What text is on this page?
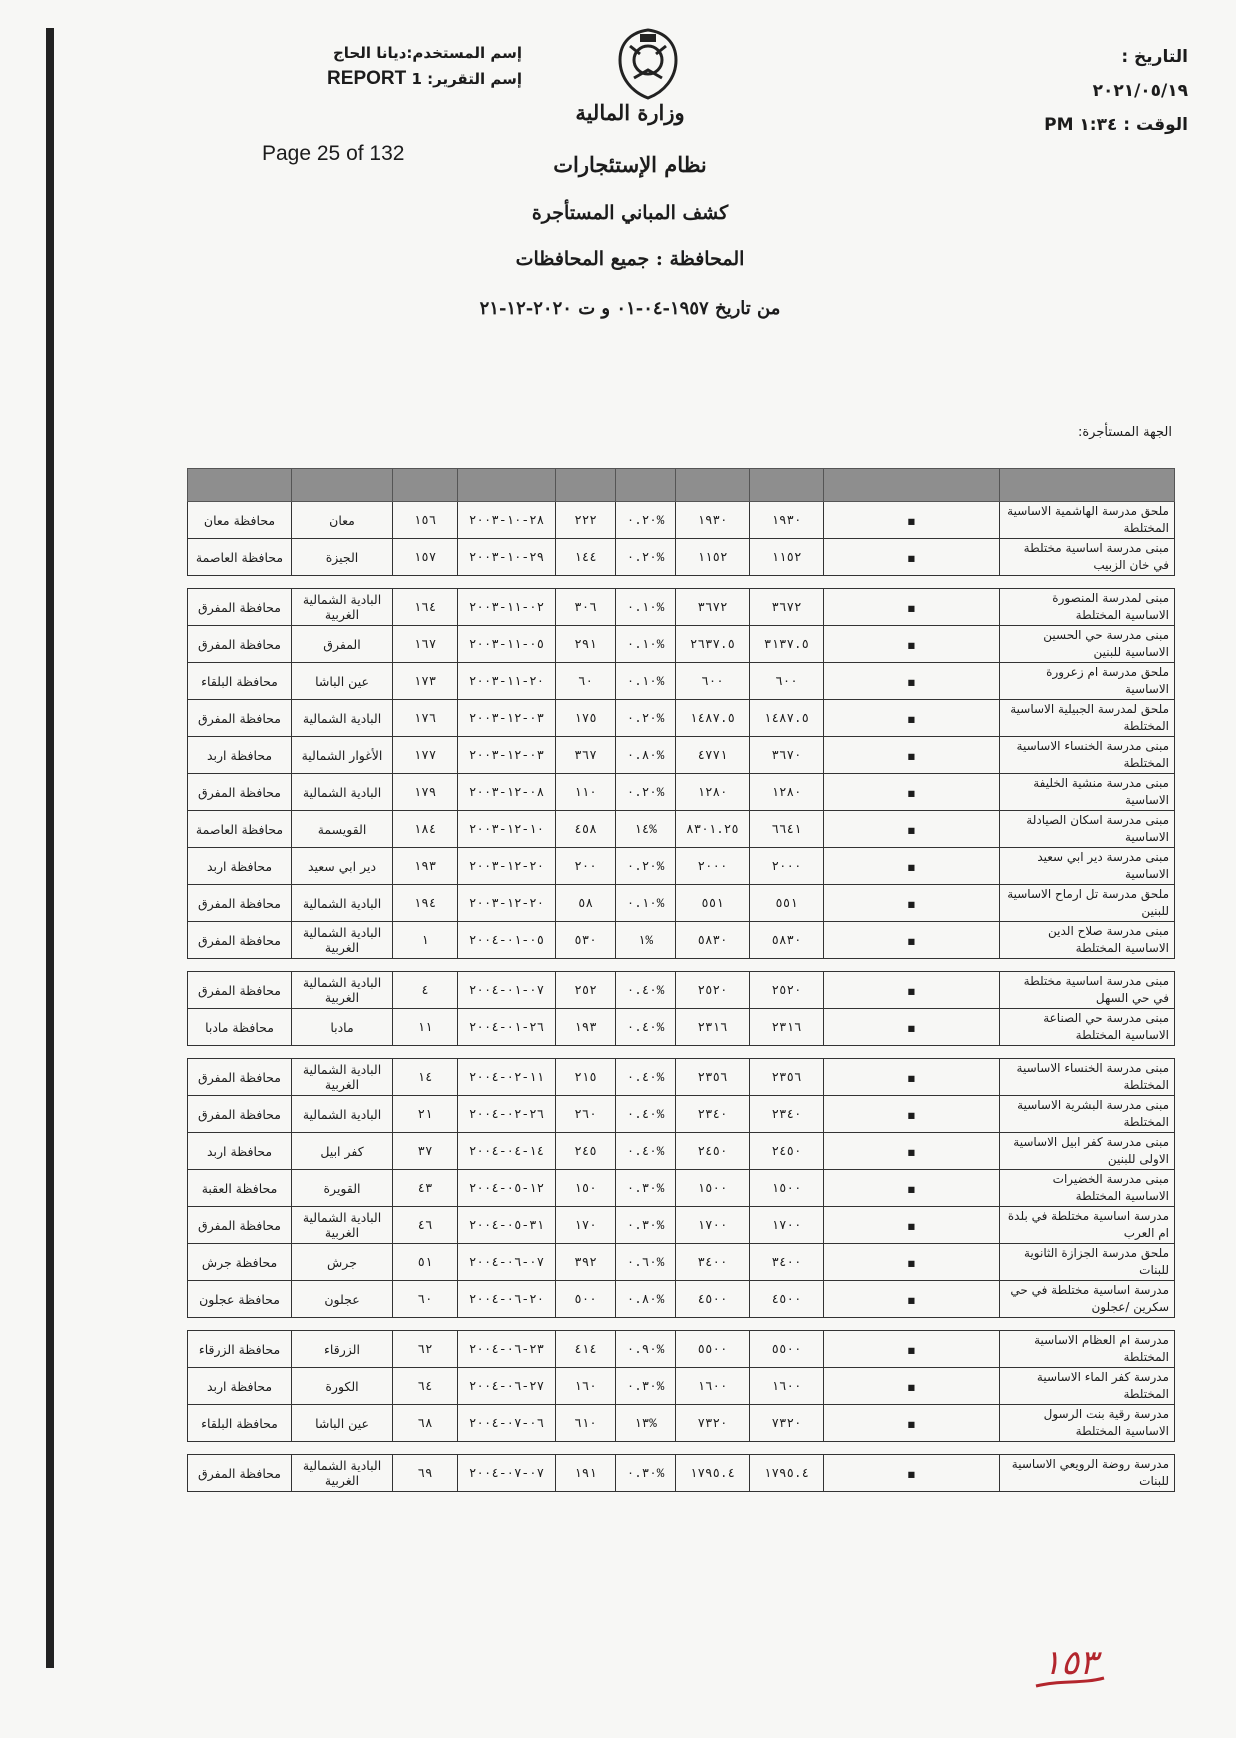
إسم المستخدم:ديانا الحاج
إسم التقرير: 1 REPORT
Page 25 of 132
التاريخ : ٢٠٢١/٠٥/١٩
الوقت : ١:٣٤ PM
وزارة المالية
نظام الإستئجارات
كشف المباني المستأجرة
المحافظة : جميع المحافظات
من تاريخ ١٩٥٧-٠٤-٠١ و ت ٢٠٢٠-١٢-٢١
الجهة المستأجرة:

ملحق مدرسة الهاشمية الاساسية المختلطة	▪	١٩٣٠	١٩٣٠	%٠.٢٠	٢٢٢	٢٨-١٠-٢٠٠٣	١٥٦	معان	محافظة معان
مبنى مدرسة اساسية مختلطة في خان الزبيب	▪	١١٥٢	١١٥٢	%٠.٢٠	١٤٤	٢٩-١٠-٢٠٠٣	١٥٧	الجيزة	محافظة العاصمة

مبنى لمدرسة المنصورة الاساسية المختلطة	▪	٣٦٧٢	٣٦٧٢	%٠.١٠	٣٠٦	٠٢-١١-٢٠٠٣	١٦٤	البادية الشمالية الغربية	محافظة المفرق
مبنى مدرسة حي الحسين الاساسية للبنين	▪	٣١٣٧.٥	٢٦٣٧.٥	%٠.١٠	٢٩١	٠٥-١١-٢٠٠٣	١٦٧	المفرق	محافظة المفرق
ملحق مدرسة ام زعرورة الاساسية	▪	٦٠٠	٦٠٠	%٠.١٠	٦٠	٢٠-١١-٢٠٠٣	١٧٣	عين الباشا	محافظة البلقاء
ملحق لمدرسة الجبيلية الاساسية المختلطة	▪	١٤٨٧.٥	١٤٨٧.٥	%٠.٢٠	١٧٥	٠٣-١٢-٢٠٠٣	١٧٦	البادية الشمالية	محافظة المفرق
مبنى مدرسة الخنساء الاساسية المختلطة	▪	٣٦٧٠	٤٧٧١	%٠.٨٠	٣٦٧	٠٣-١٢-٢٠٠٣	١٧٧	الأغوار الشمالية	محافظة اربد
مبنى مدرسة منشية الخليفة الاساسية	▪	١٢٨٠	١٢٨٠	%٠.٢٠	١١٠	٠٨-١٢-٢٠٠٣	١٧٩	البادية الشمالية	محافظة المفرق
مبنى مدرسة اسكان الصيادلة الاساسية	▪	٦٦٤١	٨٣٠١.٢٥	%١٤	٤٥٨	١٠-١٢-٢٠٠٣	١٨٤	القويسمة	محافظة العاصمة
مبنى مدرسة دير ابي سعيد الاساسية	▪	٢٠٠٠	٢٠٠٠	%٠.٢٠	٢٠٠	٢٠-١٢-٢٠٠٣	١٩٣	دير ابي سعيد	محافظة اربد
ملحق مدرسة تل ارماح الاساسية للبنين	▪	٥٥١	٥٥١	%٠.١٠	٥٨	٢٠-١٢-٢٠٠٣	١٩٤	البادية الشمالية	محافظة المفرق
مبنى مدرسة صلاح الدين الاساسية المختلطة	▪	٥٨٣٠	٥٨٣٠	%١	٥٣٠	٠٥-٠١-٢٠٠٤	١	البادية الشمالية الغربية	محافظة المفرق

مبنى مدرسة اساسية مختلطة في حي السهل	▪	٢٥٢٠	٢٥٢٠	%٠.٤٠	٢٥٢	٠٧-٠١-٢٠٠٤	٤	البادية الشمالية الغربية	محافظة المفرق
مبنى مدرسة حي الصناعة الاساسية المختلطة	▪	٢٣١٦	٢٣١٦	%٠.٤٠	١٩٣	٢٦-٠١-٢٠٠٤	١١	مادبا	محافظة مادبا

مبنى مدرسة الخنساء الاساسية المختلطة	▪	٢٣٥٦	٢٣٥٦	%٠.٤٠	٢١٥	١١-٠٢-٢٠٠٤	١٤	البادية الشمالية الغربية	محافظة المفرق
مبنى مدرسة البشرية الاساسية المختلطة	▪	٢٣٤٠	٢٣٤٠	%٠.٤٠	٢٦٠	٢٦-٠٢-٢٠٠٤	٢١	البادية الشمالية	محافظة المفرق
مبنى مدرسة كفر ابيل الاساسية الاولى للبنين	▪	٢٤٥٠	٢٤٥٠	%٠.٤٠	٢٤٥	١٤-٠٤-٢٠٠٤	٣٧	كفر ابيل	محافظة اربد
مبنى مدرسة الخضيرات الاساسية المختلطة	▪	١٥٠٠	١٥٠٠	%٠.٣٠	١٥٠	١٢-٠٥-٢٠٠٤	٤٣	القويرة	محافظة العقبة
مدرسة اساسية مختلطة في بلدة ام العرب	▪	١٧٠٠	١٧٠٠	%٠.٣٠	١٧٠	٣١-٠٥-٢٠٠٤	٤٦	البادية الشمالية الغربية	محافظة المفرق
ملحق مدرسة الجزازة الثانوية للبنات	▪	٣٤٠٠	٣٤٠٠	%٠.٦٠	٣٩٢	٠٧-٠٦-٢٠٠٤	٥١	جرش	محافظة جرش
مدرسة اساسية مختلطة في حي سكرين /عجلون	▪	٤٥٠٠	٤٥٠٠	%٠.٨٠	٥٠٠	٢٠-٠٦-٢٠٠٤	٦٠	عجلون	محافظة عجلون

مدرسة ام العظام الاساسية المختلطة	▪	٥٥٠٠	٥٥٠٠	%٠.٩٠	٤١٤	٢٣-٠٦-٢٠٠٤	٦٢	الزرقاء	محافظة الزرقاء
مدرسة كفر الماء الاساسية المختلطة	▪	١٦٠٠	١٦٠٠	%٠.٣٠	١٦٠	٢٧-٠٦-٢٠٠٤	٦٤	الكورة	محافظة اربد
مدرسة رقية بنت الرسول الاساسية المختلطة	▪	٧٣٢٠	٧٣٢٠	%١٣	٦١٠	٠٦-٠٧-٢٠٠٤	٦٨	عين الباشا	محافظة البلقاء

مدرسة روضة الرويعي الاساسية للبنات	▪	١٧٩٥.٤	١٧٩٥.٤	%٠.٣٠	١٩١	٠٧-٠٧-٢٠٠٤	٦٩	البادية الشمالية الغربية	محافظة المفرق
١٥٣
